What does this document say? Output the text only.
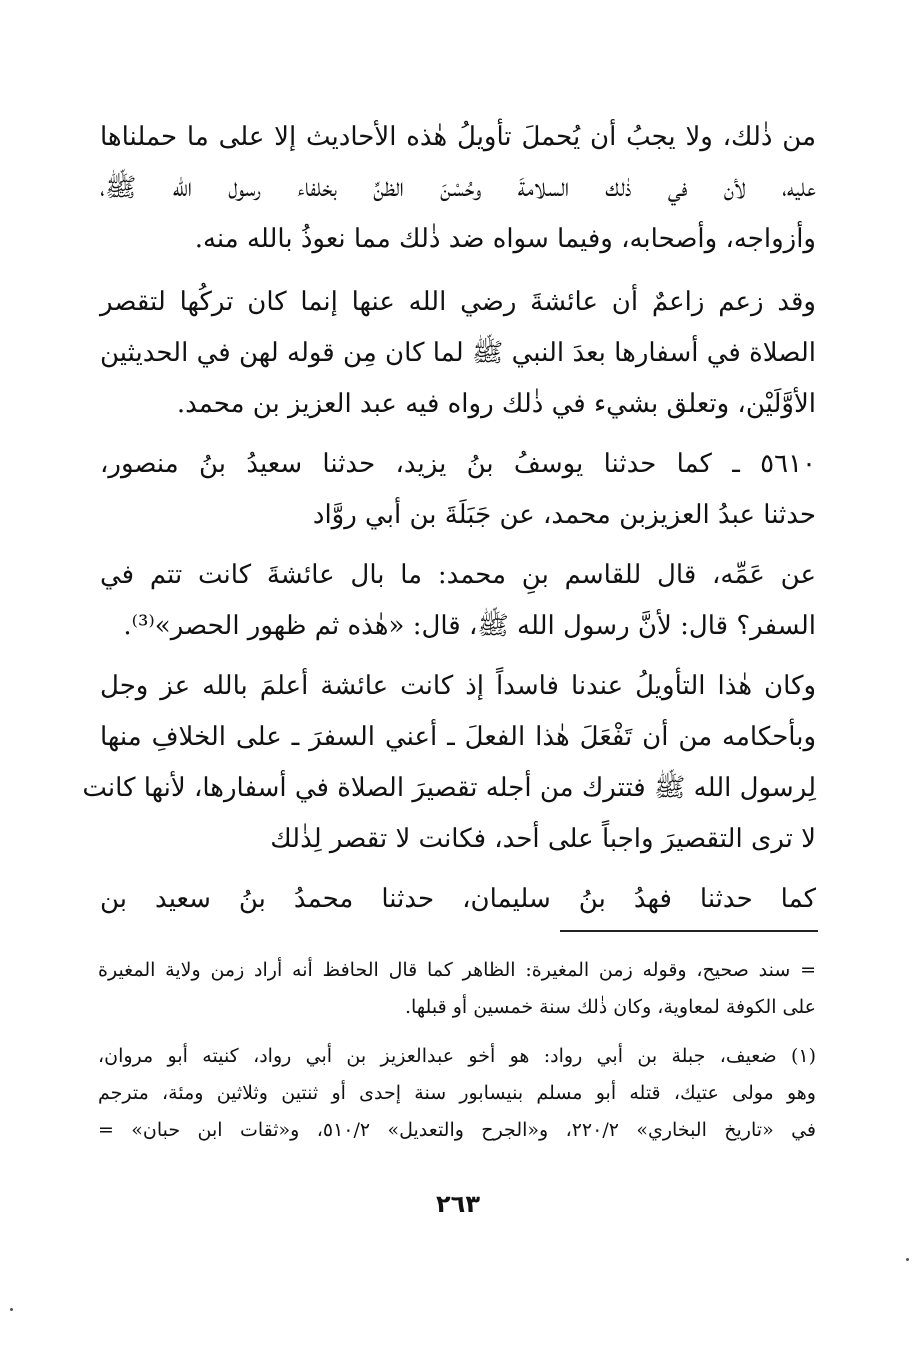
من ذٰلك، ولا يجبُ أن يُحملَ تأويلُ هٰذه الأحاديث إلا على ما حملناها
عليه، لأن في ذٰلك السلامةَ وحُسْنَ الظنِّ بخلفاء رسول الله ﷺ،
وأزواجه، وأصحابه، وفيما سواه ضد ذٰلك مما نعوذُ بالله منه.
وقد زعم زاعمٌ أن عائشةَ رضي الله عنها إنما كان تركُها لتقصر
الصلاة في أسفارها بعدَ النبي ﷺ لما كان مِن قوله لهن في الحديثين
الأوَّلَيْن، وتعلق بشيء في ذٰلك رواه فيه عبد العزيز بن محمد.
٥٦١٠ ـ كما حدثنا يوسفُ بنُ يزيد، حدثنا سعيدُ بنُ منصور،
حدثنا عبدُ العزيزبن محمد، عن جَبَلَةَ بن أبي روَّاد
عن عَمِّه، قال للقاسم بنِ محمد: ما بال عائشةَ كانت تتم في
السفر؟ قال: لأنَّ رسول الله ﷺ، قال: «هٰذه ثم ظهور الحصر»⁽³⁾.
وكان هٰذا التأويلُ عندنا فاسداً إذ كانت عائشة أعلمَ بالله عز وجل
وبأحكامه من أن تَفْعَلَ هٰذا الفعلَ ـ أعني السفرَ ـ على الخلافِ منها
لِرسول الله ﷺ فتترك من أجله تقصيرَ الصلاة في أسفارها، لأنها كانت
لا ترى التقصيرَ واجباً على أحد، فكانت لا تقصر لِذٰلك
كما حدثنا فهدُ بنُ سليمان، حدثنا محمدُ بنُ سعيد بن
= سند صحيح، وقوله زمن المغيرة: الظاهر كما قال الحافظ أنه أراد زمن ولاية المغيرة
على الكوفة لمعاوية، وكان ذٰلك سنة خمسين أو قبلها.
(١) ضعيف، جبلة بن أبي رواد: هو أخو عبدالعزيز بن أبي رواد، كنيته أبو مروان،
وهو مولى عتيك، قتله أبو مسلم بنيسابور سنة إحدى أو ثنتين وثلاثين ومئة، مترجم
في «تاريخ البخاري» ٢٢٠/٢، و«الجرح والتعديل» ٥١٠/٢، و«ثقات ابن حبان» =
٢٦٣
